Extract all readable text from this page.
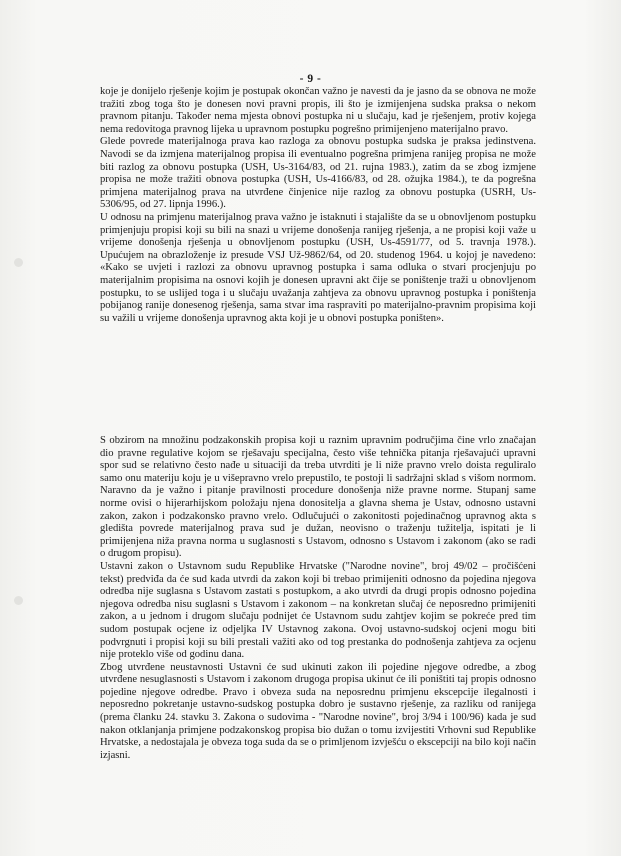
- 9 -

koje je donijelo rješenje kojim je postupak okončan važno je navesti da je jasno da se obnova ne može tražiti zbog toga što je donesen novi pravni propis, ili što je izmijenjena sudska praksa o nekom pravnom pitanju. Također nema mjesta obnovi postupka ni u slučaju, kad je rješenjem, protiv kojega nema redovitoga pravnog lijeka u upravnom postupku pogrešno primijenjeno materijalno pravo.

Glede povrede materijalnoga prava kao razloga za obnovu postupka sudska je praksa jedinstvena. Navodi se da izmjena materijalnog propisa ili eventualno pogrešna primjena ranijeg propisa ne može biti razlog za obnovu postupka (USH, Us-3164/83, od 21. rujna 1983.), zatim da se zbog izmjene propisa ne može tražiti obnova postupka (USH, Us-4166/83, od 28. ožujka 1984.), te da pogrešna primjena materijalnog prava na utvrđene činjenice nije razlog za obnovu postupka (USRH, Us-5306/95, od 27. lipnja 1996.).

U odnosu na primjenu materijalnog prava važno je istaknuti i stajalište da se u obnovljenom postupku primjenjuju propisi koji su bili na snazi u vrijeme donošenja ranijeg rješenja, a ne propisi koji važe u vrijeme donošenja rješenja u obnovljenom postupku (USH, Us-4591/77, od 5. travnja 1978.). Upućujem na obrazloženje iz presude VSJ Už-9862/64, od 20. studenog 1964. u kojoj je navedeno: «Kako se uvjeti i razlozi za obnovu upravnog postupka i sama odluka o stvari procjenjuju po materijalnim propisima na osnovi kojih je donesen upravni akt čije se poništenje traži u obnovljenom postupku, to se uslijed toga i u slučaju uvažanja zahtjeva za obnovu upravnog postupka i poništenja pobijanog ranije donesenog rješenja, sama stvar ima raspraviti po materijalno-pravnim propisima koji su važili u vrijeme donošenja upravnog akta koji je u obnovi postupka poništen».

S obzirom na množinu podzakonskih propisa koji u raznim upravnim područjima čine vrlo značajan dio pravne regulative kojom se rješavaju specijalna, često više tehnička pitanja rješavajući upravni spor sud se relativno često nađe u situaciji da treba utvrditi je li niže pravno vrelo doista reguliralo samo onu materiju koju je u višepravno vrelo prepustilo, te postoji li sadržajni sklad s višom normom. Naravno da je važno i pitanje pravilnosti procedure donošenja niže pravne norme. Stupanj same norme ovisi o hijerarhijskom položaju njena donositelja a glavna shema je Ustav, odnosno ustavni zakon, zakon i podzakonsko pravno vrelo. Odlučujući o zakonitosti pojedinačnog upravnog akta s gledišta povrede materijalnog prava sud je dužan, neovisno o traženju tužitelja, ispitati je li primijenjena niža pravna norma u suglasnosti s Ustavom, odnosno s Ustavom i zakonom (ako se radi o drugom propisu).

Ustavni zakon o Ustavnom sudu Republike Hrvatske ("Narodne novine", broj 49/02 – pročišćeni tekst) predviđa da će sud kada utvrdi da zakon koji bi trebao primijeniti odnosno da pojedina njegova odredba nije suglasna s Ustavom zastati s postupkom, a ako utvrdi da drugi propis odnosno pojedina njegova odredba nisu suglasni s Ustavom i zakonom – na konkretan slučaj će neposredno primijeniti zakon, a u jednom i drugom slučaju podnijet će Ustavnom sudu zahtjev kojim se pokreće pred tim sudom postupak ocjene iz odjeljka IV Ustavnog zakona. Ovoj ustavno-sudskoj ocjeni mogu biti podvrgnuti i propisi koji su bili prestali važiti ako od tog prestanka do podnošenja zahtjeva za ocjenu nije proteklo više od godinu dana.

Zbog utvrđene neustavnosti Ustavni će sud ukinuti zakon ili pojedine njegove odredbe, a zbog utvrđene nesuglasnosti s Ustavom i zakonom drugoga propisa ukinut će ili poništiti taj propis odnosno pojedine njegove odredbe. Pravo i obveza suda na neposrednu primjenu ekscepcije ilegalnosti i neposredno pokretanje ustavno-sudskog postupka dobro je sustavno rješenje, za razliku od ranijega (prema članku 24. stavku 3. Zakona o sudovima - "Narodne novine", broj 3/94 i 100/96) kada je sud nakon otklanjanja primjene podzakonskog propisa bio dužan o tomu izvijestiti Vrhovni sud Republike Hrvatske, a nedostajala je obveza toga suda da se o primljenom izvješću o ekscepciji na bilo koji način izjasni.
